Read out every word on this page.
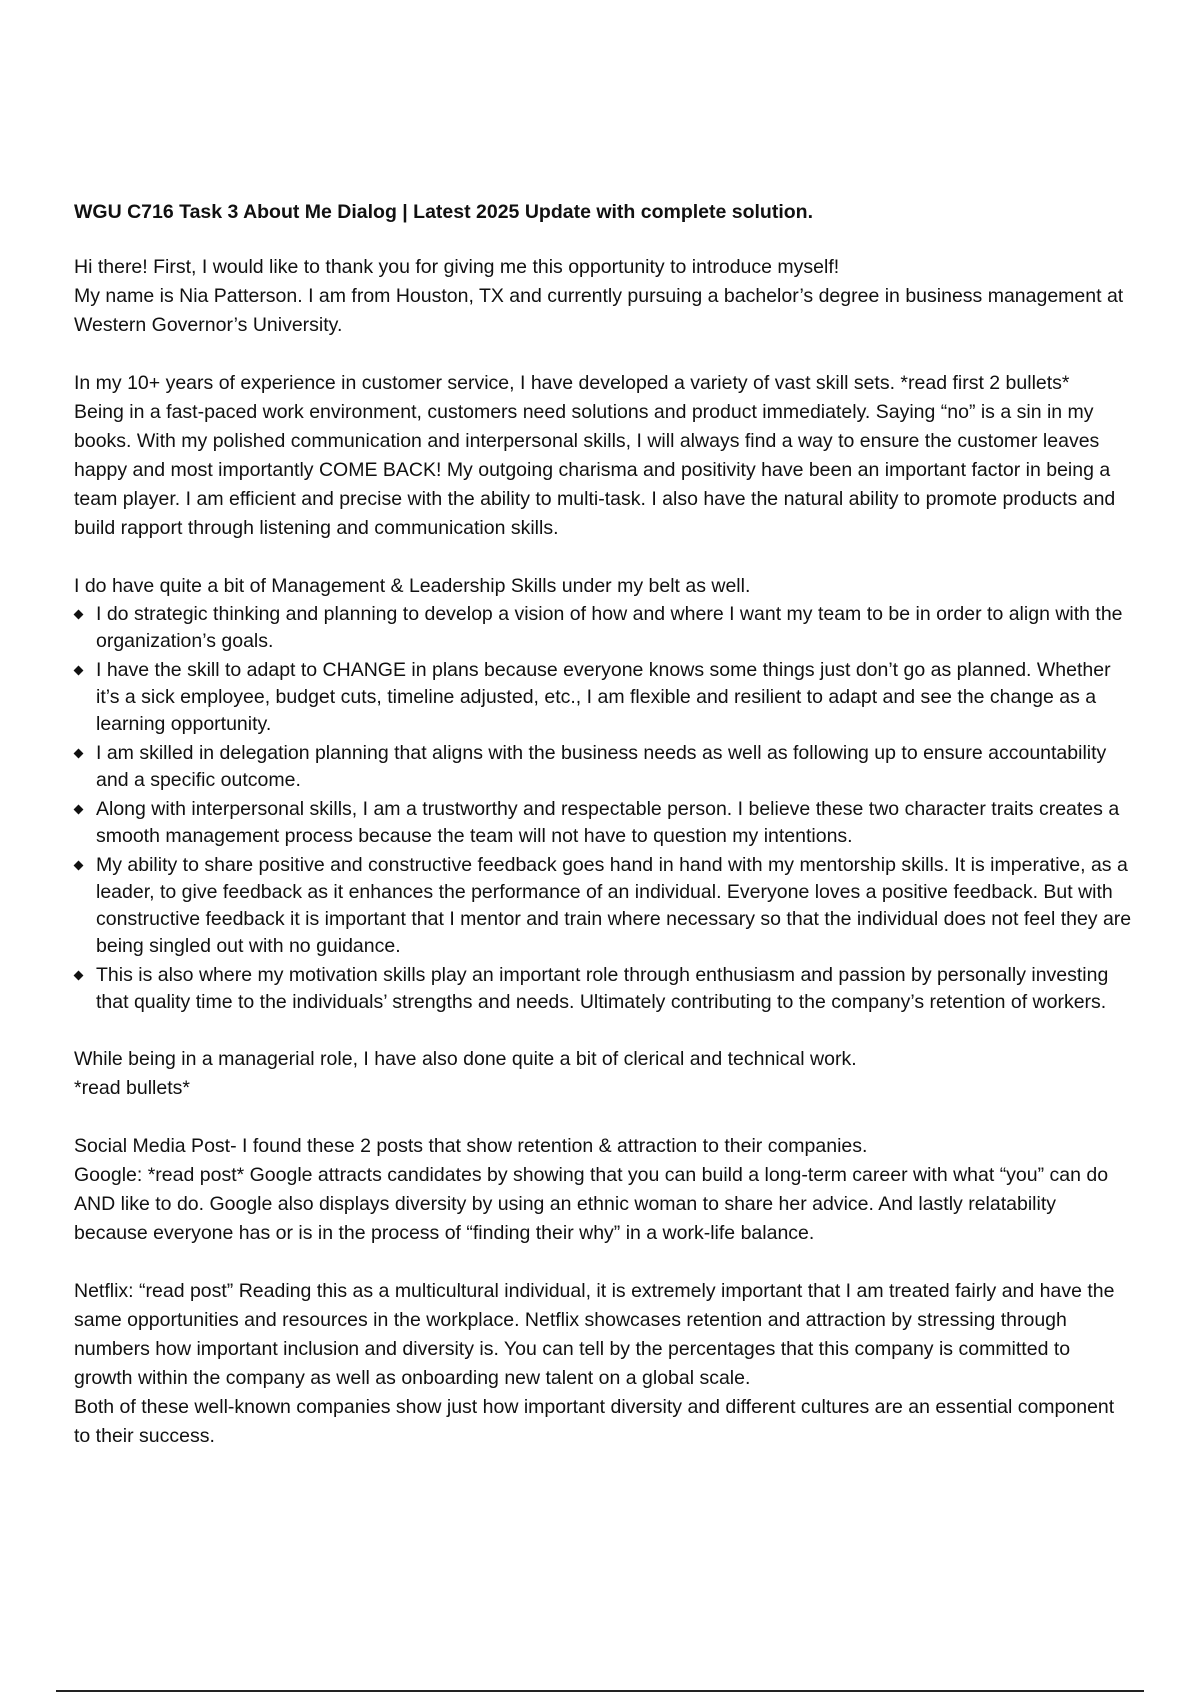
WGU C716 Task 3 About Me Dialog | Latest 2025 Update with complete solution.

Hi there! First, I would like to thank you for giving me this opportunity to introduce myself!

My name is Nia Patterson. I am from Houston, TX and currently pursuing a bachelor’s degree in business management at Western Governor’s University.

In my 10+ years of experience in customer service, I have developed a variety of vast skill sets. *read first 2 bullets*

Being in a fast-paced work environment, customers need solutions and product immediately. Saying “no” is a sin in my books. With my polished communication and interpersonal skills, I will always find a way to ensure the customer leaves happy and most importantly COME BACK! My outgoing charisma and positivity have been an important factor in being a team player. I am efficient and precise with the ability to multi-task. I also have the natural ability to promote products and build rapport through listening and communication skills.

I do have quite a bit of Management & Leadership Skills under my belt as well.

I do strategic thinking and planning to develop a vision of how and where I want my team to be in order to align with the organization’s goals.
I have the skill to adapt to CHANGE in plans because everyone knows some things just don’t go as planned. Whether it’s a sick employee, budget cuts, timeline adjusted, etc., I am flexible and resilient to adapt and see the change as a learning opportunity.
I am skilled in delegation planning that aligns with the business needs as well as following up to ensure accountability and a specific outcome.
Along with interpersonal skills, I am a trustworthy and respectable person. I believe these two character traits creates a smooth management process because the team will not have to question my intentions.
My ability to share positive and constructive feedback goes hand in hand with my mentorship skills. It is imperative, as a leader, to give feedback as it enhances the performance of an individual. Everyone loves a positive feedback. But with constructive feedback it is important that I mentor and train where necessary so that the individual does not feel they are being singled out with no guidance.
This is also where my motivation skills play an important role through enthusiasm and passion by personally investing that quality time to the individuals’ strengths and needs. Ultimately contributing to the company’s retention of workers.

While being in a managerial role, I have also done quite a bit of clerical and technical work.

*read bullets*

Social Media Post- I found these 2 posts that show retention & attraction to their companies.

Google: *read post* Google attracts candidates by showing that you can build a long-term career with what “you” can do AND like to do. Google also displays diversity by using an ethnic woman to share her advice. And lastly relatability because everyone has or is in the process of “finding their why” in a work-life balance.

Netflix: “read post” Reading this as a multicultural individual, it is extremely important that I am treated fairly and have the same opportunities and resources in the workplace. Netflix showcases retention and attraction by stressing through numbers how important inclusion and diversity is. You can tell by the percentages that this company is committed to growth within the company as well as onboarding new talent on a global scale.

Both of these well-known companies show just how important diversity and different cultures are an essential component to their success.
